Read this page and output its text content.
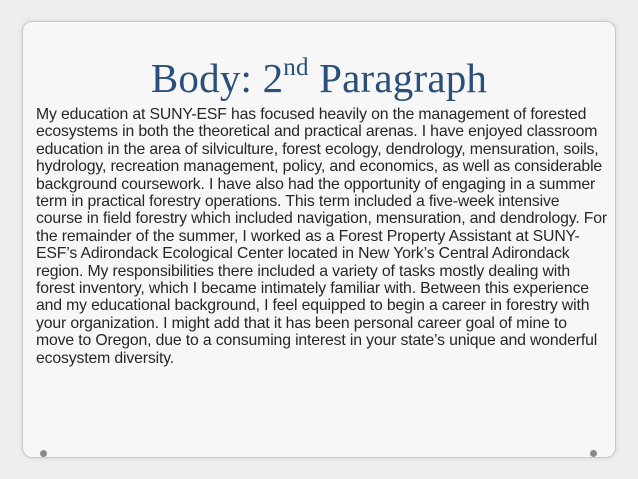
Body: 2nd Paragraph

My education at SUNY-ESF has focused heavily on the management of forested ecosystems in both the theoretical and practical arenas. I have enjoyed classroom education in the area of silviculture, forest ecology, dendrology, mensuration, soils, hydrology, recreation management, policy, and economics, as well as considerable background coursework. I have also had the opportunity of engaging in a summer term in practical forestry operations. This term included a five-week intensive course in field forestry which included navigation, mensuration, and dendrology. For the remainder of the summer, I worked as a Forest Property Assistant at SUNY-ESF’s Adirondack Ecological Center located in New York’s Central Adirondack region. My responsibilities there included a variety of tasks mostly dealing with forest inventory, which I became intimately familiar with. Between this experience and my educational background, I feel equipped to begin a career in forestry with your organization. I might add that it has been personal career goal of mine to move to Oregon, due to a consuming interest in your state’s unique and wonderful ecosystem diversity.
